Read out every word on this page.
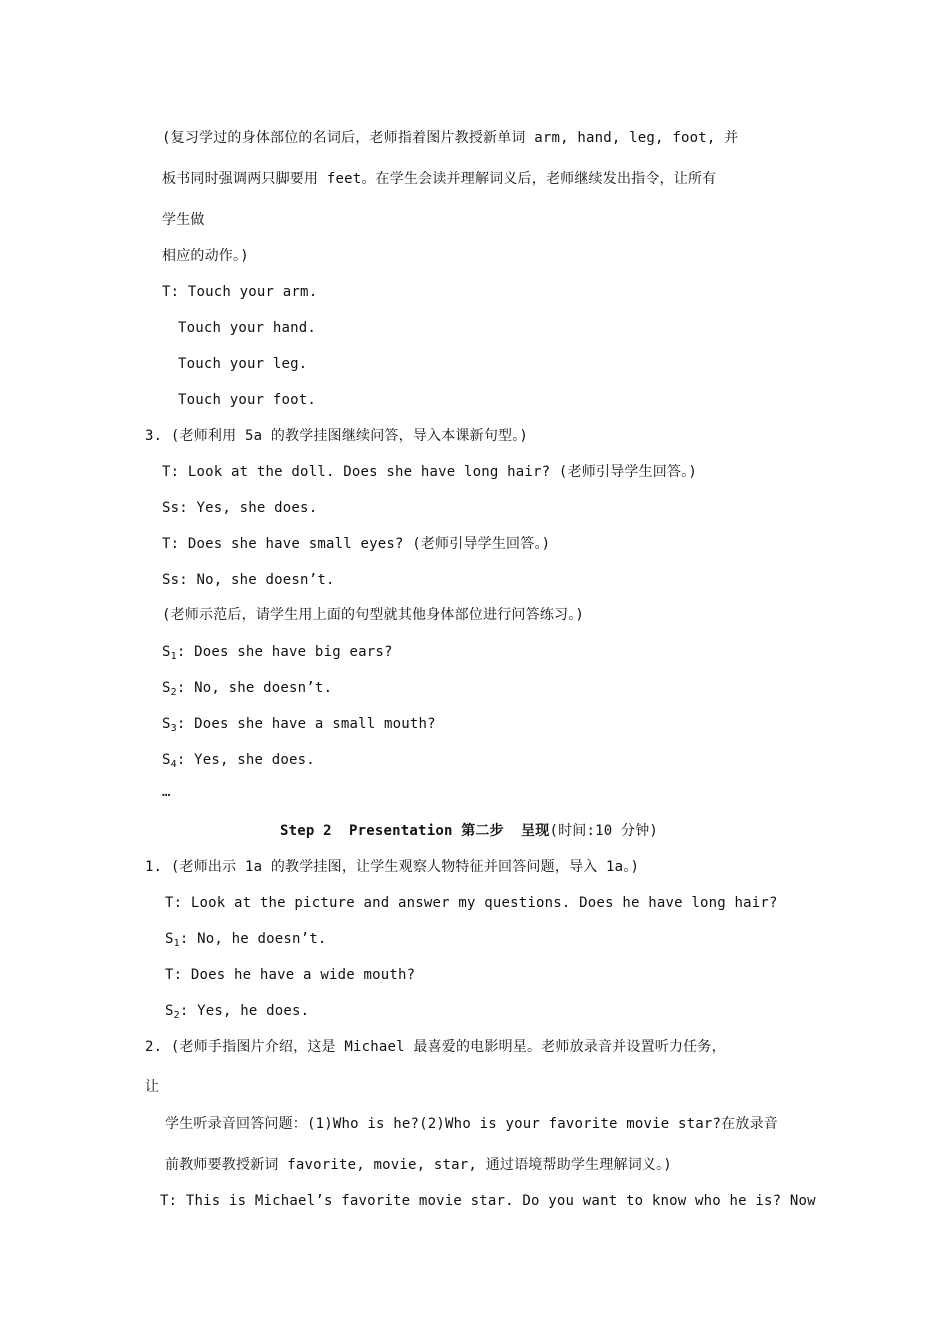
(复习学过的身体部位的名词后，老师指着图片教授新单词 arm, hand, leg, foot, 并
板书同时强调两只脚要用 feet。在学生会读并理解词义后，老师继续发出指令，让所有
学生做
相应的动作。)
T: Touch your arm.
Touch your hand.
Touch your leg.
Touch your foot.
3. (老师利用 5a 的教学挂图继续问答，导入本课新句型。)
T: Look at the doll. Does she have long hair? (老师引导学生回答。)
Ss: Yes, she does.
T: Does she have small eyes? (老师引导学生回答。)
Ss: No, she doesn’t.
(老师示范后，请学生用上面的句型就其他身体部位进行问答练习。)
$S_1$: Does she have big ears?
$S_2$: No, she doesn’t.
$S_3$: Does she have a small mouth?
$S_4$: Yes, she does.
…
Step 2  Presentation 第二步  呈现(时间:10 分钟)
1. (老师出示 1a 的教学挂图，让学生观察人物特征并回答问题，导入 1a。)
T: Look at the picture and answer my questions. Does he have long hair?
$S_1$: No, he doesn’t.
T: Does he have a wide mouth?
$S_2$: Yes, he does.
2. (老师手指图片介绍，这是 Michael 最喜爱的电影明星。老师放录音并设置听力任务，
让
学生听录音回答问题：(1)Who is he?(2)Who is your favorite movie star?在放录音
前教师要教授新词 favorite, movie, star, 通过语境帮助学生理解词义。)
T: This is Michael’s favorite movie star. Do you want to know who he is? Now
